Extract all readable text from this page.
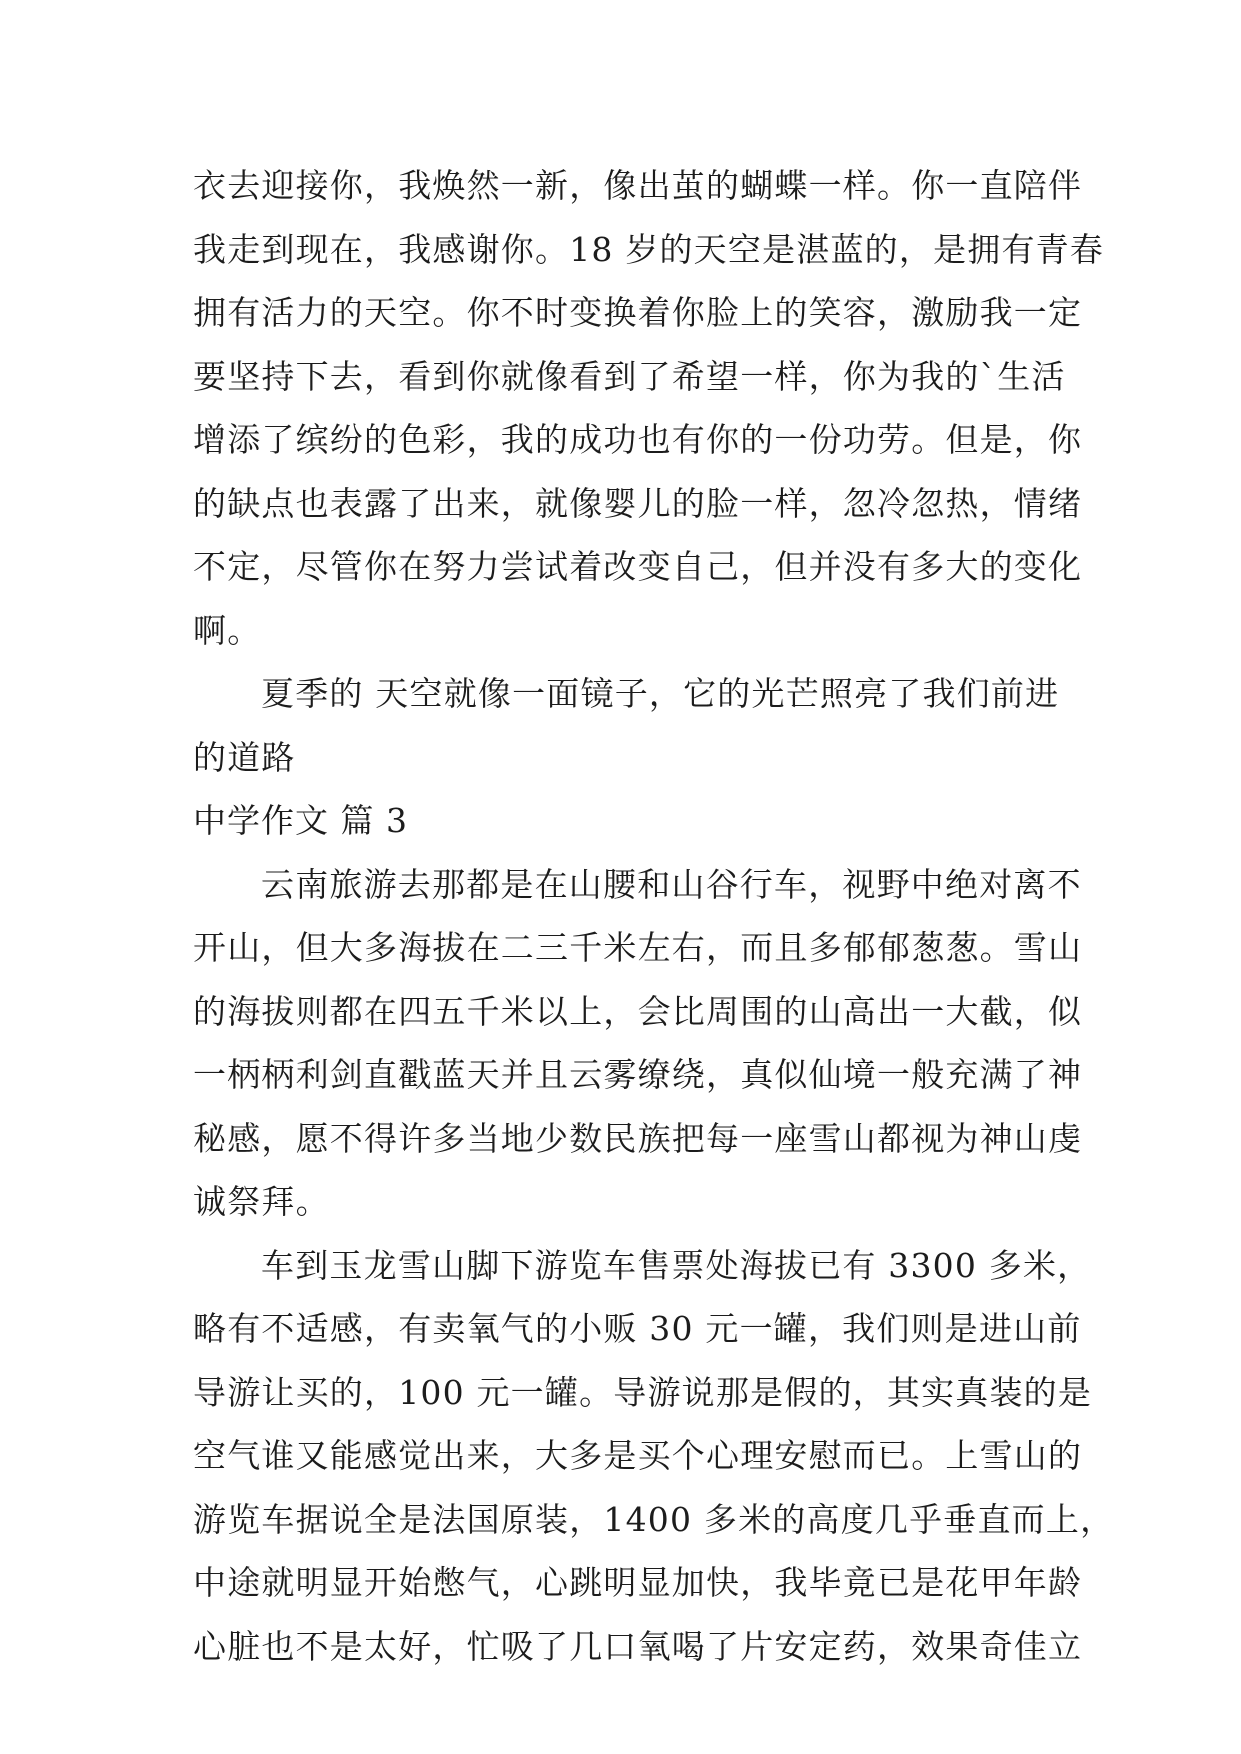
衣去迎接你，我焕然一新，像出茧的蝴蝶一样。你一直陪伴
我走到现在，我感谢你。18 岁的天空是湛蓝的，是拥有青春
拥有活力的天空。你不时变换着你脸上的笑容，激励我一定
要坚持下去，看到你就像看到了希望一样，你为我的`生活
增添了缤纷的色彩，我的成功也有你的一份功劳。但是，你
的缺点也表露了出来，就像婴儿的脸一样，忽冷忽热，情绪
不定，尽管你在努力尝试着改变自己，但并没有多大的变化
啊。
夏季的 天空就像一面镜子，它的光芒照亮了我们前进
的道路
中学作文 篇 3
云南旅游去那都是在山腰和山谷行车，视野中绝对离不
开山，但大多海拔在二三千米左右，而且多郁郁葱葱。雪山
的海拔则都在四五千米以上，会比周围的山高出一大截，似
一柄柄利剑直戳蓝天并且云雾缭绕，真似仙境一般充满了神
秘感，愿不得许多当地少数民族把每一座雪山都视为神山虔
诚祭拜。
车到玉龙雪山脚下游览车售票处海拔已有 3300 多米，
略有不适感，有卖氧气的小贩 30 元一罐，我们则是进山前
导游让买的，100 元一罐。导游说那是假的，其实真装的是
空气谁又能感觉出来，大多是买个心理安慰而已。上雪山的
游览车据说全是法国原装，1400 多米的高度几乎垂直而上，
中途就明显开始憋气，心跳明显加快，我毕竟已是花甲年龄
心脏也不是太好，忙吸了几口氧喝了片安定药，效果奇佳立
